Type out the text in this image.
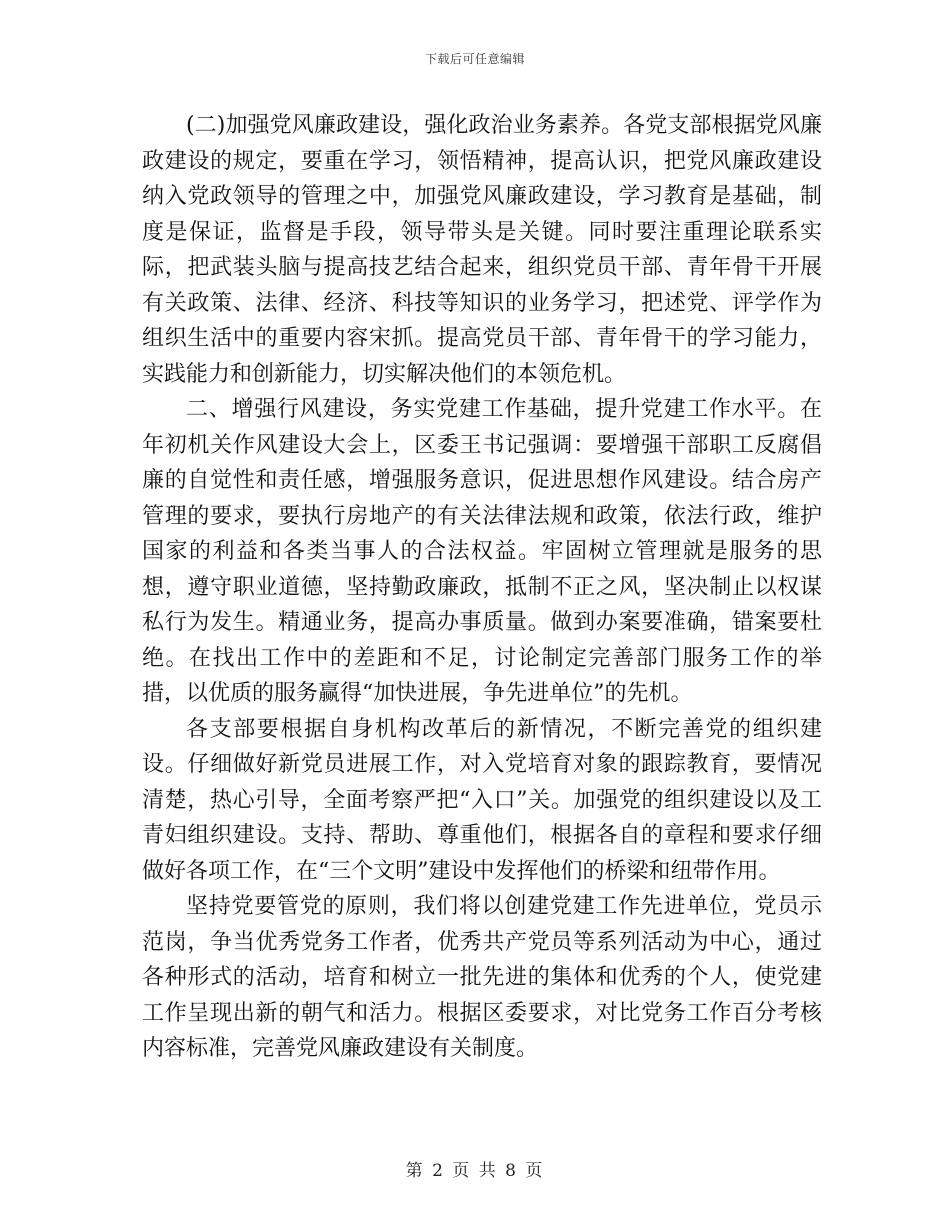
下载后可任意编辑

(二)加强党风廉政建设，强化政治业务素养。各党支部根据党风廉政建设的规定，要重在学习，领悟精神，提高认识，把党风廉政建设纳入党政领导的管理之中，加强党风廉政建设，学习教育是基础，制度是保证，监督是手段，领导带头是关键。同时要注重理论联系实际，把武装头脑与提高技艺结合起来，组织党员干部、青年骨干开展有关政策、法律、经济、科技等知识的业务学习，把述党、评学作为组织生活中的重要内容宋抓。提高党员干部、青年骨干的学习能力，实践能力和创新能力，切实解决他们的本领危机。

二、增强行风建设，务实党建工作基础，提升党建工作水平。在年初机关作风建设大会上，区委王书记强调：要增强干部职工反腐倡廉的自觉性和责任感，增强服务意识，促进思想作风建设。结合房产管理的要求，要执行房地产的有关法律法规和政策，依法行政，维护国家的利益和各类当事人的合法权益。牢固树立管理就是服务的思想，遵守职业道德，坚持勤政廉政，抵制不正之风，坚决制止以权谋私行为发生。精通业务，提高办事质量。做到办案要准确，错案要杜绝。在找出工作中的差距和不足，讨论制定完善部门服务工作的举措，以优质的服务赢得“加快进展，争先进单位”的先机。

各支部要根据自身机构改革后的新情况，不断完善党的组织建设。仔细做好新党员进展工作，对入党培育对象的跟踪教育，要情况清楚，热心引导，全面考察严把“入口”关。加强党的组织建设以及工青妇组织建设。支持、帮助、尊重他们，根据各自的章程和要求仔细做好各项工作，在“三个文明”建设中发挥他们的桥梁和纽带作用。

坚持党要管党的原则，我们将以创建党建工作先进单位，党员示范岗，争当优秀党务工作者，优秀共产党员等系列活动为中心，通过各种形式的活动，培育和树立一批先进的集体和优秀的个人，使党建工作呈现出新的朝气和活力。根据区委要求，对比党务工作百分考核内容标准，完善党风廉政建设有关制度。

第 2 页 共 8 页
